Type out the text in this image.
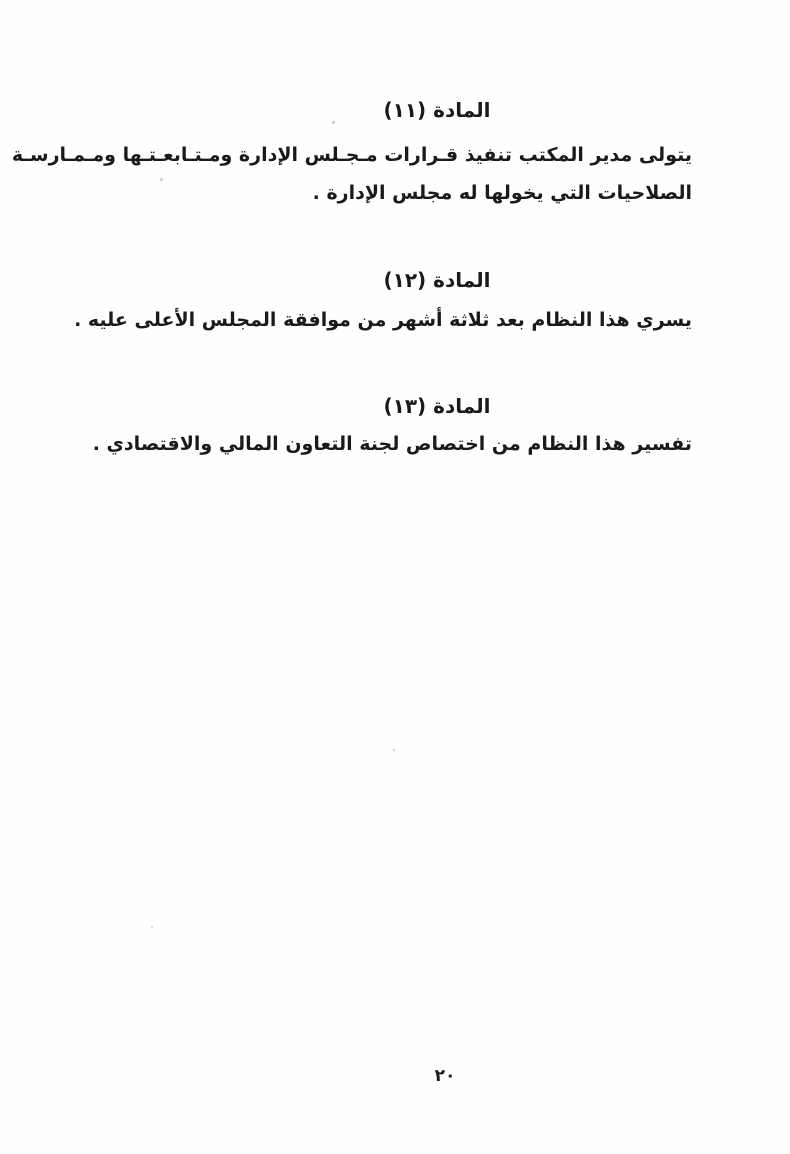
المادة (١١)

يتولى مدير المكتب تنفيذ قـرارات مـجـلس الإدارة ومـتـابعـتـها ومـمـارسـة

الصلاحيات التي يخولها له مجلس الإدارة .

المادة (١٢)

يسري هذا النظام بعد ثلاثة أشهر من موافقة المجلس الأعلى عليه .

المادة (١٣)

تفسير هذا النظام من اختصاص لجنة التعاون المالي والاقتصادي .

٢٠
